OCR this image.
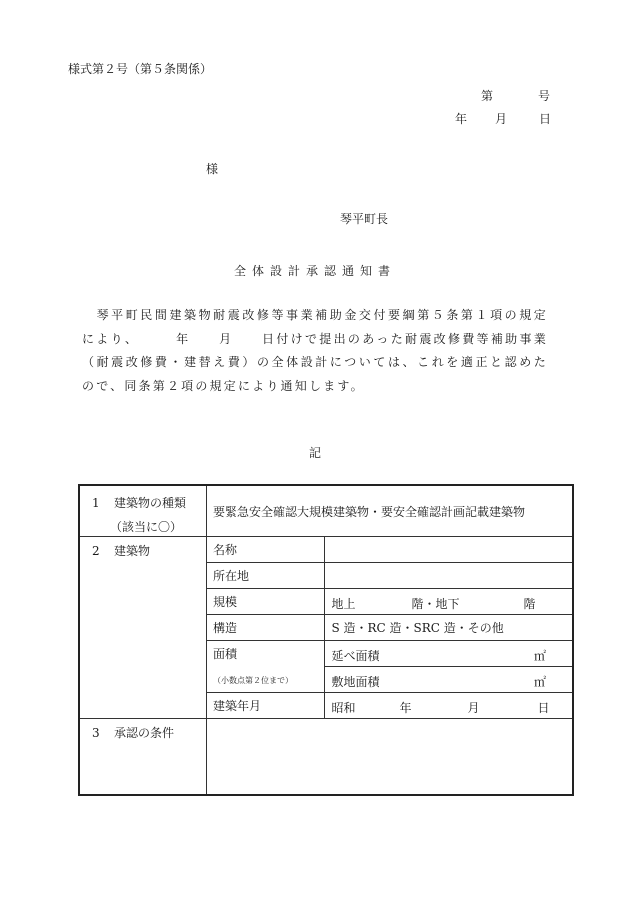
様式第２号（第５条関係）
第	号
年 月	日
様
琴平町長
全体設計承認通知書
　琴平町民間建築物耐震改修等事業補助金交付要綱第５条第１項の規定により、　　　年　　月　　日付けで提出のあった耐震改修費等補助事業（耐震改修費・建替え費）の全体設計については、これを適正と認めたので、同条第２項の規定により通知します。
記
1 建築物の種類
（該当に〇）	要緊急安全確認大規模建築物・要安全確認計画記載建築物	

2 建築物	名称	
	所在地	
	規模	地上 階・地下 階

	構造	S 造・RC 造・SRC 造・その他
	面積	延べ面積 ㎡

	（小数点第２位まで）	敷地面積 ㎡

	建築年月	昭和 年 月 日

3 承認の条件		
